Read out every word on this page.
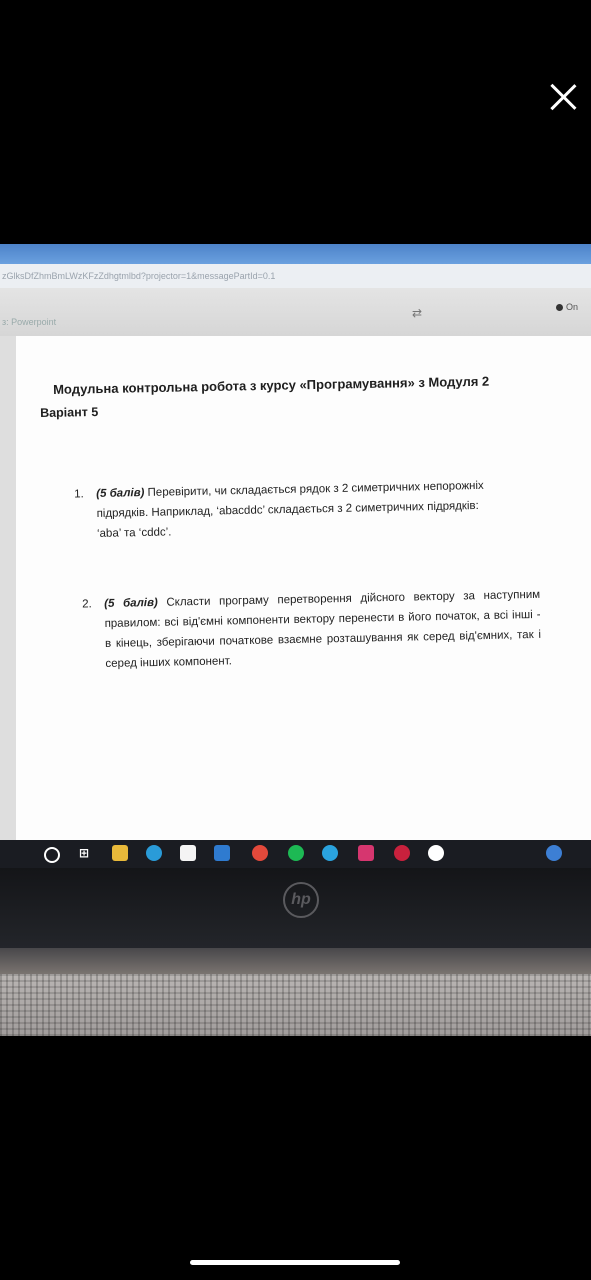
zGlksDfZhmBmLWzKFzZdhgtmlbd?projector=1&messagePartId=0.1
з: Powerpoint
⇄	On
Модульна контрольна робота з курсу «Програмування» з Модуля 2
Варіант 5
1. (5 балів) Перевірити, чи складається рядок з 2 симетричних непорожніх підрядків. Наприклад, ‘abacddc’ складається з 2 симетричних підрядків: ‘aba’ та ‘cddc’.
2. (5 балів) Скласти програму перетворення дійсного вектору за наступним правилом: всі від'ємні компоненти вектору перенести в його початок, а всі інші - в кінець, зберігаючи початкове взаємне розташування як серед від'ємних, так і серед інших компонент.
⊞
hp
